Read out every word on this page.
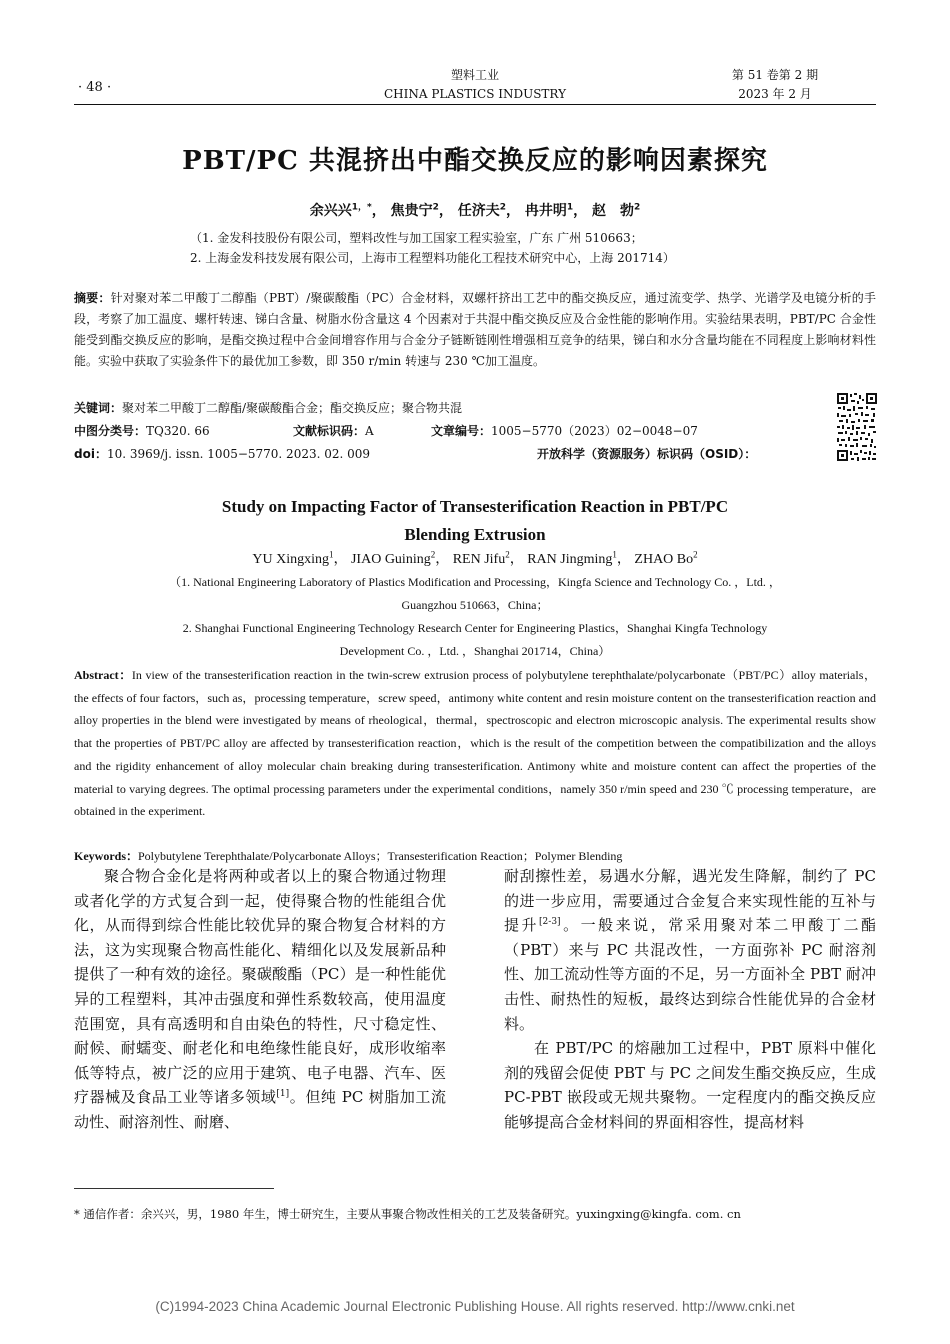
· 48 ·
塑料工业
CHINA PLASTICS INDUSTRY
第 51 卷第 2 期
2023 年 2 月
PBT/PC 共混挤出中酯交换反应的影响因素探究
余兴兴$^{1,*}$， 焦贵宁$^2$， 任济夫$^2$， 冉井明$^1$， 赵　勃$^2$
（1. 金发科技股份有限公司，塑料改性与加工国家工程实验室，广东 广州 510663；
2. 上海金发科技发展有限公司，上海市工程塑料功能化工程技术研究中心，上海 201714）
摘要：针对聚对苯二甲酸丁二醇酯（PBT）/聚碳酸酯（PC）合金材料，双螺杆挤出工艺中的酯交换反应，通过流变学、热学、光谱学及电镜分析的手段，考察了加工温度、螺杆转速、锑白含量、树脂水份含量这 4 个因素对于共混中酯交换反应及合金性能的影响作用。实验结果表明，PBT/PC 合金性能受到酯交换反应的影响，是酯交换过程中合金间增容作用与合金分子链断链刚性增强相互竞争的结果，锑白和水分含量均能在不同程度上影响材料性能。实验中获取了实验条件下的最优加工参数，即 350 r/min 转速与 230 ℃加工温度。
关键词：聚对苯二甲酸丁二醇酯/聚碳酸酯合金；酯交换反应；聚合物共混
中图分类号：TQ320. 66	文献标识码：A	文章编号：1005−5770（2023）02−0048−07
doi：10. 3969/j. issn. 1005−5770. 2023. 02. 009	开放科学（资源服务）标识码（OSID）：
Study on Impacting Factor of Transesterification Reaction in PBT/PC
Blending Extrusion
YU Xingxing$^1$， JIAO Guining$^2$， REN Jifu$^2$， RAN Jingming$^1$， ZHAO Bo$^2$
（1. National Engineering Laboratory of Plastics Modification and Processing，Kingfa Science and Technology Co. ，Ltd. ，
Guangzhou 510663，China；
2. Shanghai Functional Engineering Technology Research Center for Engineering Plastics，Shanghai Kingfa Technology
Development Co. ，Ltd. ，Shanghai 201714，China）
Abstract：In view of the transesterification reaction in the twin-screw extrusion process of polybutylene terephthalate/polycarbonate（PBT/PC）alloy materials，the effects of four factors，such as，processing temperature，screw speed，antimony white content and resin moisture content on the transesterification reaction and alloy properties in the blend were investigated by means of rheological，thermal，spectroscopic and electron microscopic analysis. The experimental results show that the properties of PBT/PC alloy are affected by transesterification reaction，which is the result of the competition between the compatibilization and the alloys and the rigidity enhancement of alloy molecular chain breaking during transesterification. Antimony white and moisture content can affect the properties of the material to varying degrees. The optimal processing parameters under the experimental conditions，namely 350 r/min speed and 230 ℃ processing temperature，are obtained in the experiment.
Keywords：Polybutylene Terephthalate/Polycarbonate Alloys；Transesterification Reaction；Polymer Blending

聚合物合金化是将两种或者以上的聚合物通过物理或者化学的方式复合到一起，使得聚合物的性能组合优化，从而得到综合性能比较优异的聚合物复合材料的方法，这为实现聚合物高性能化、精细化以及发展新品种提供了一种有效的途径。聚碳酸酯（PC）是一种性能优异的工程塑料，其冲击强度和弹性系数较高，使用温度范围宽，具有高透明和自由染色的特性，尺寸稳定性、耐候、耐蠕变、耐老化和电绝缘性能良好，成形收缩率低等特点，被广泛的应用于建筑、电子电器、汽车、医疗器械及食品工业等诸多领域[1]。但纯 PC 树脂加工流动性、耐溶剂性、耐磨、

耐刮擦性差，易遇水分解，遇光发生降解，制约了 PC 的进一步应用，需要通过合金复合来实现性能的互补与提升[2-3]。一般来说，常采用聚对苯二甲酸丁二酯（PBT）来与 PC 共混改性，一方面弥补 PC 耐溶剂性、加工流动性等方面的不足，另一方面补全 PBT 耐冲击性、耐热性的短板，最终达到综合性能优异的合金材料。

在 PBT/PC 的熔融加工过程中，PBT 原料中催化剂的残留会促使 PBT 与 PC 之间发生酯交换反应，生成 PC-PBT 嵌段或无规共聚物。一定程度内的酯交换反应能够提高合金材料间的界面相容性，提高材料

* 通信作者：余兴兴，男，1980 年生，博士研究生，主要从事聚合物改性相关的工艺及装备研究。yuxingxing@kingfa. com. cn
(C)1994-2023 China Academic Journal Electronic Publishing House. All rights reserved. http://www.cnki.net
